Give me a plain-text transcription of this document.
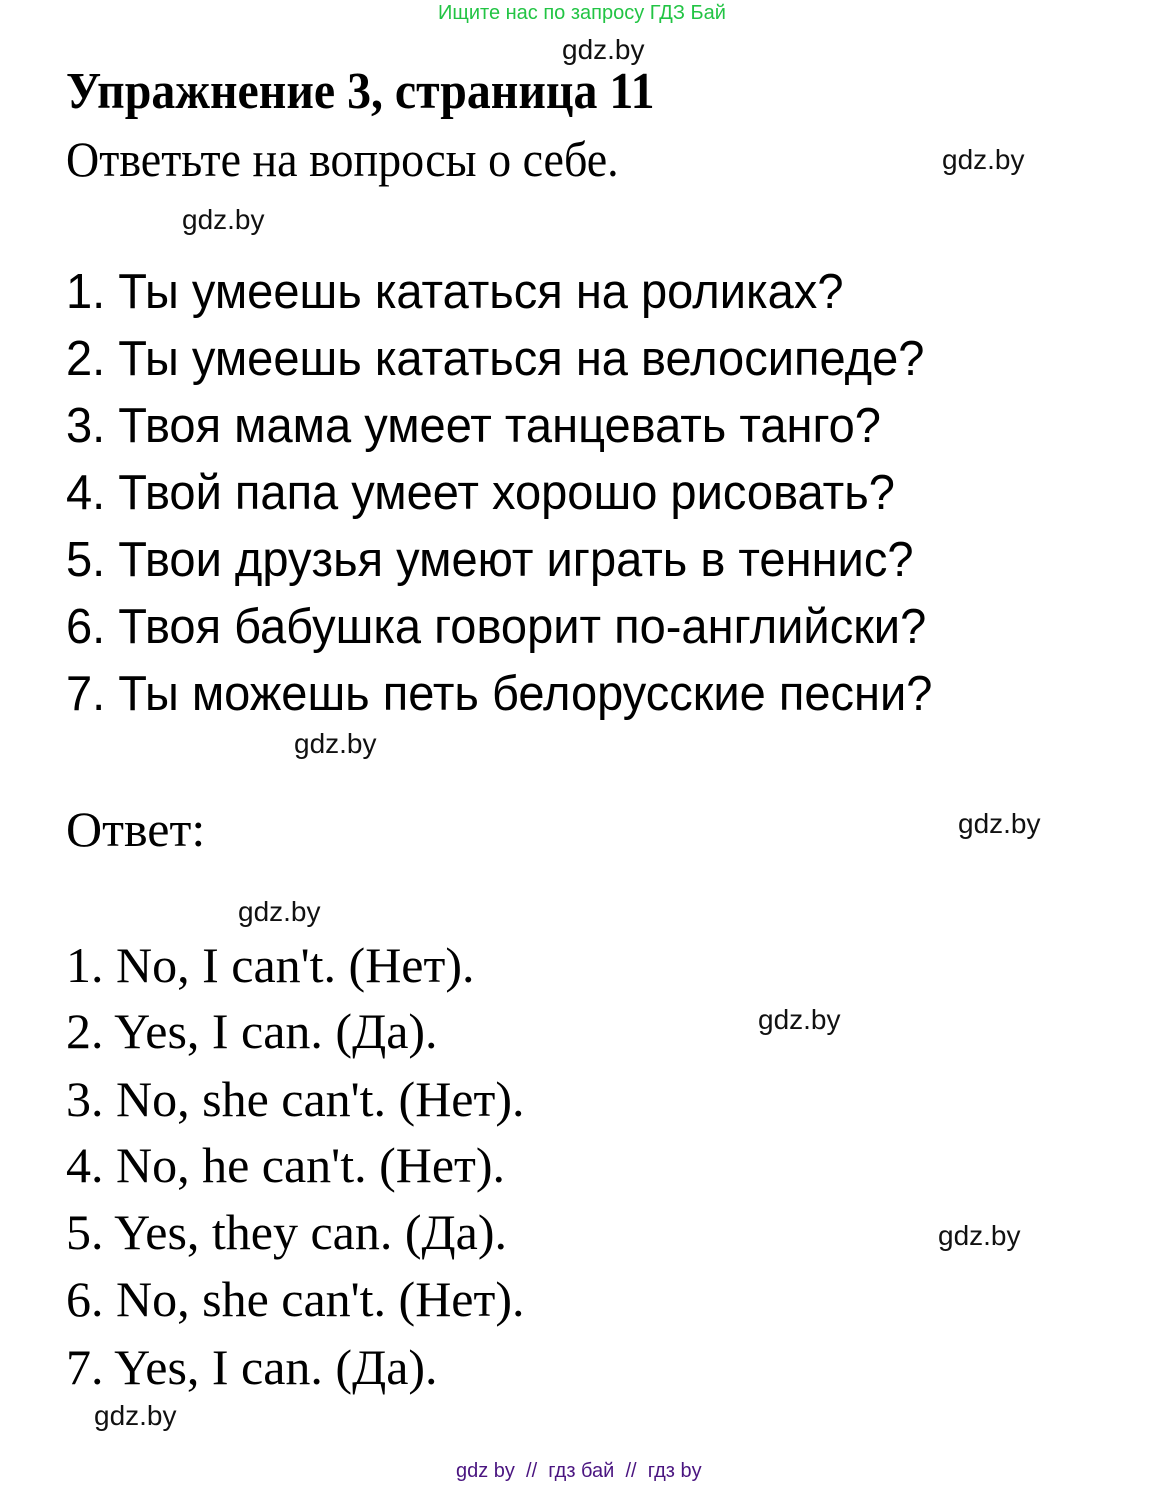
Ищите нас по запросу ГДЗ Бай
gdz.by
Упражнение 3, страница 11
Ответьте на вопросы о себе.	gdz.by
gdz.by
1. Ты умеешь кататься на роликах?
2. Ты умеешь кататься на велосипеде?
3. Твоя мама умеет танцевать танго?
4. Твой папа умеет хорошо рисовать?
5. Твои друзья умеют играть в теннис?
6. Твоя бабушка говорит по-английски?
7. Ты можешь петь белорусские песни?
gdz.by
Ответ:	gdz.by
gdz.by
1. No, I can't. (Нет).
2. Yes, I can. (Да).	gdz.by
3. No, she can't. (Нет).
4. No, he can't. (Нет).
5. Yes, they can. (Да).	gdz.by
6. No, she can't. (Нет).
7. Yes, I can. (Да).
gdz.by
gdz by  //  гдз бай  //  гдз by
